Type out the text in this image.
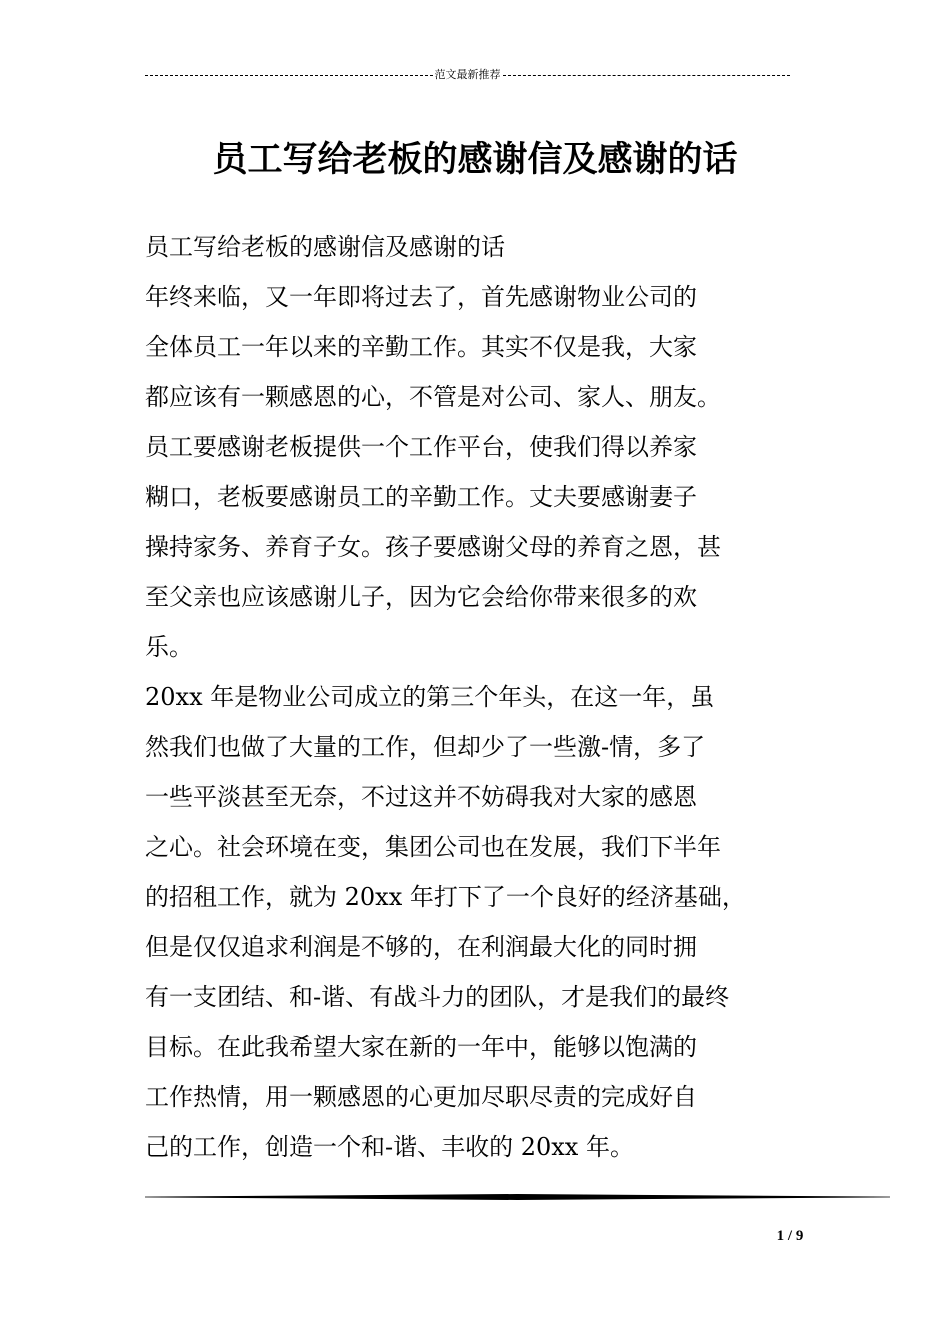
范文最新推荐
员工写给老板的感谢信及感谢的话
员工写给老板的感谢信及感谢的话
年终来临，又一年即将过去了，首先感谢物业公司的
全体员工一年以来的辛勤工作。其实不仅是我，大家
都应该有一颗感恩的心，不管是对公司、家人、朋友。
员工要感谢老板提供一个工作平台，使我们得以养家
糊口，老板要感谢员工的辛勤工作。丈夫要感谢妻子
操持家务、养育子女。孩子要感谢父母的养育之恩，甚
至父亲也应该感谢儿子，因为它会给你带来很多的欢
乐。
20xx 年是物业公司成立的第三个年头，在这一年，虽
然我们也做了大量的工作，但却少了一些激-情，多了
一些平淡甚至无奈，不过这并不妨碍我对大家的感恩
之心。社会环境在变，集团公司也在发展，我们下半年
的招租工作，就为 20xx 年打下了一个良好的经济基础，
但是仅仅追求利润是不够的，在利润最大化的同时拥
有一支团结、和-谐、有战斗力的团队，才是我们的最终
目标。在此我希望大家在新的一年中，能够以饱满的
工作热情，用一颗感恩的心更加尽职尽责的完成好自
己的工作，创造一个和-谐、丰收的 20xx 年。
1 / 9
